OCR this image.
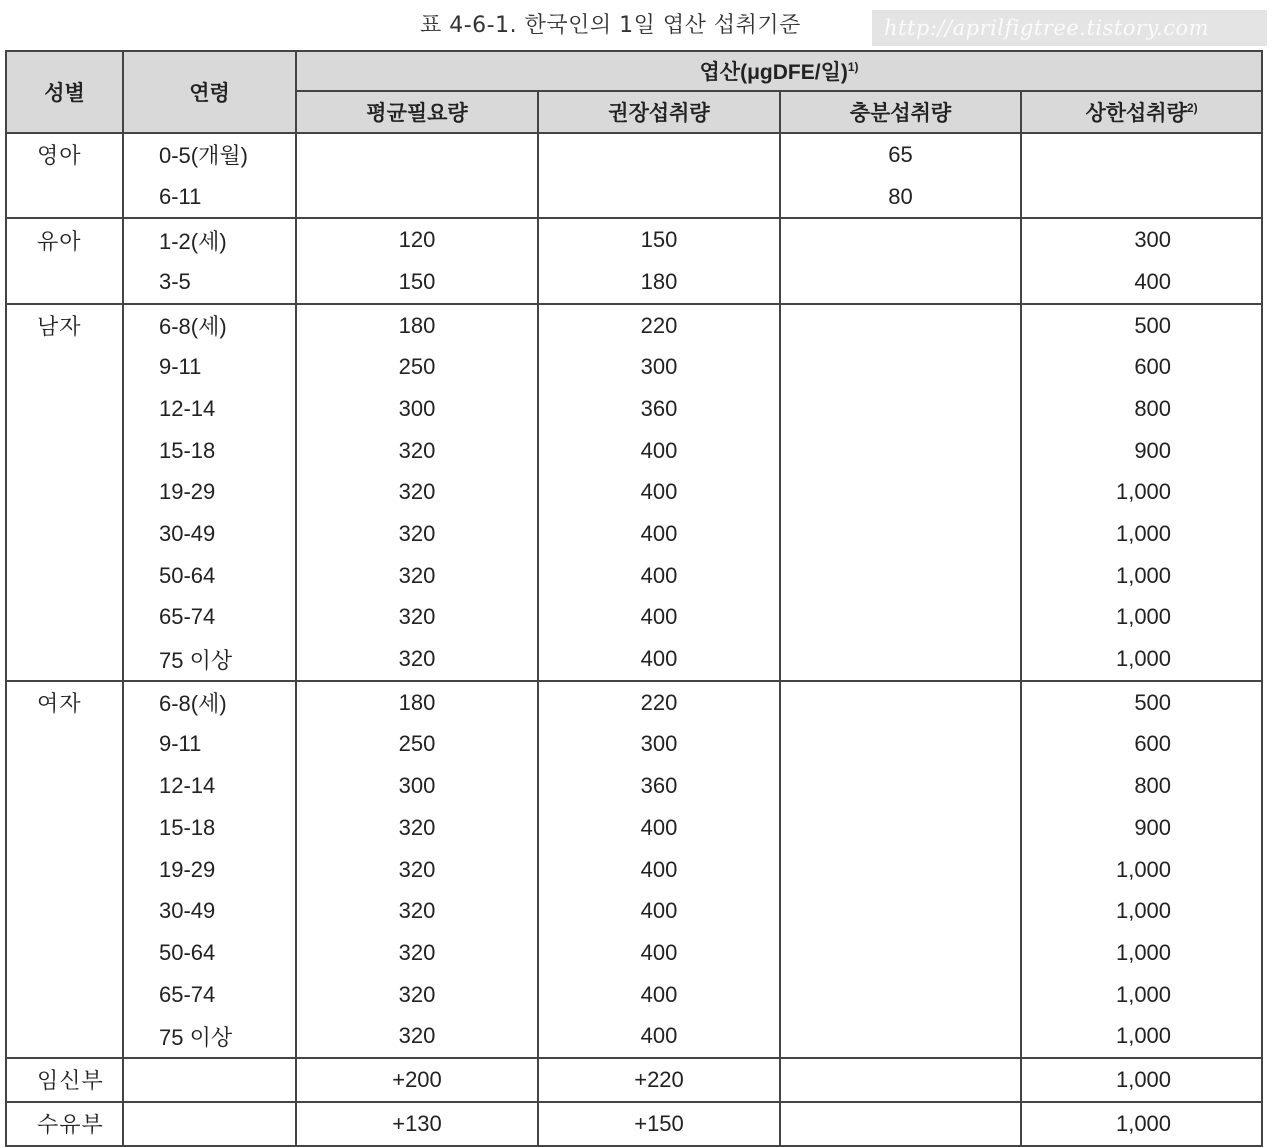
표 4-6-1. 한국인의 1일 엽산 섭취기준	http://aprilfigtree.tistory.com
성별	연령	엽산(μgDFE/일)$^{1)}$
		평균필요량	권장섭취량	충분섭취량	상한섭취량$^{2)}$
영아	0-5(개월)			65	
	6-11			80	
유아	1-2(세)	120	150		300
	3-5	150	180		400
남자	6-8(세)	180	220		500
	9-11	250	300		600
	12-14	300	360		800
	15-18	320	400		900
	19-29	320	400		1,000
	30-49	320	400		1,000
	50-64	320	400		1,000
	65-74	320	400		1,000
	75 이상	320	400		1,000
여자	6-8(세)	180	220		500
	9-11	250	300		600
	12-14	300	360		800
	15-18	320	400		900
	19-29	320	400		1,000
	30-49	320	400		1,000
	50-64	320	400		1,000
	65-74	320	400		1,000
	75 이상	320	400		1,000
임신부		+200	+220		1,000
수유부		+130	+150		1,000
